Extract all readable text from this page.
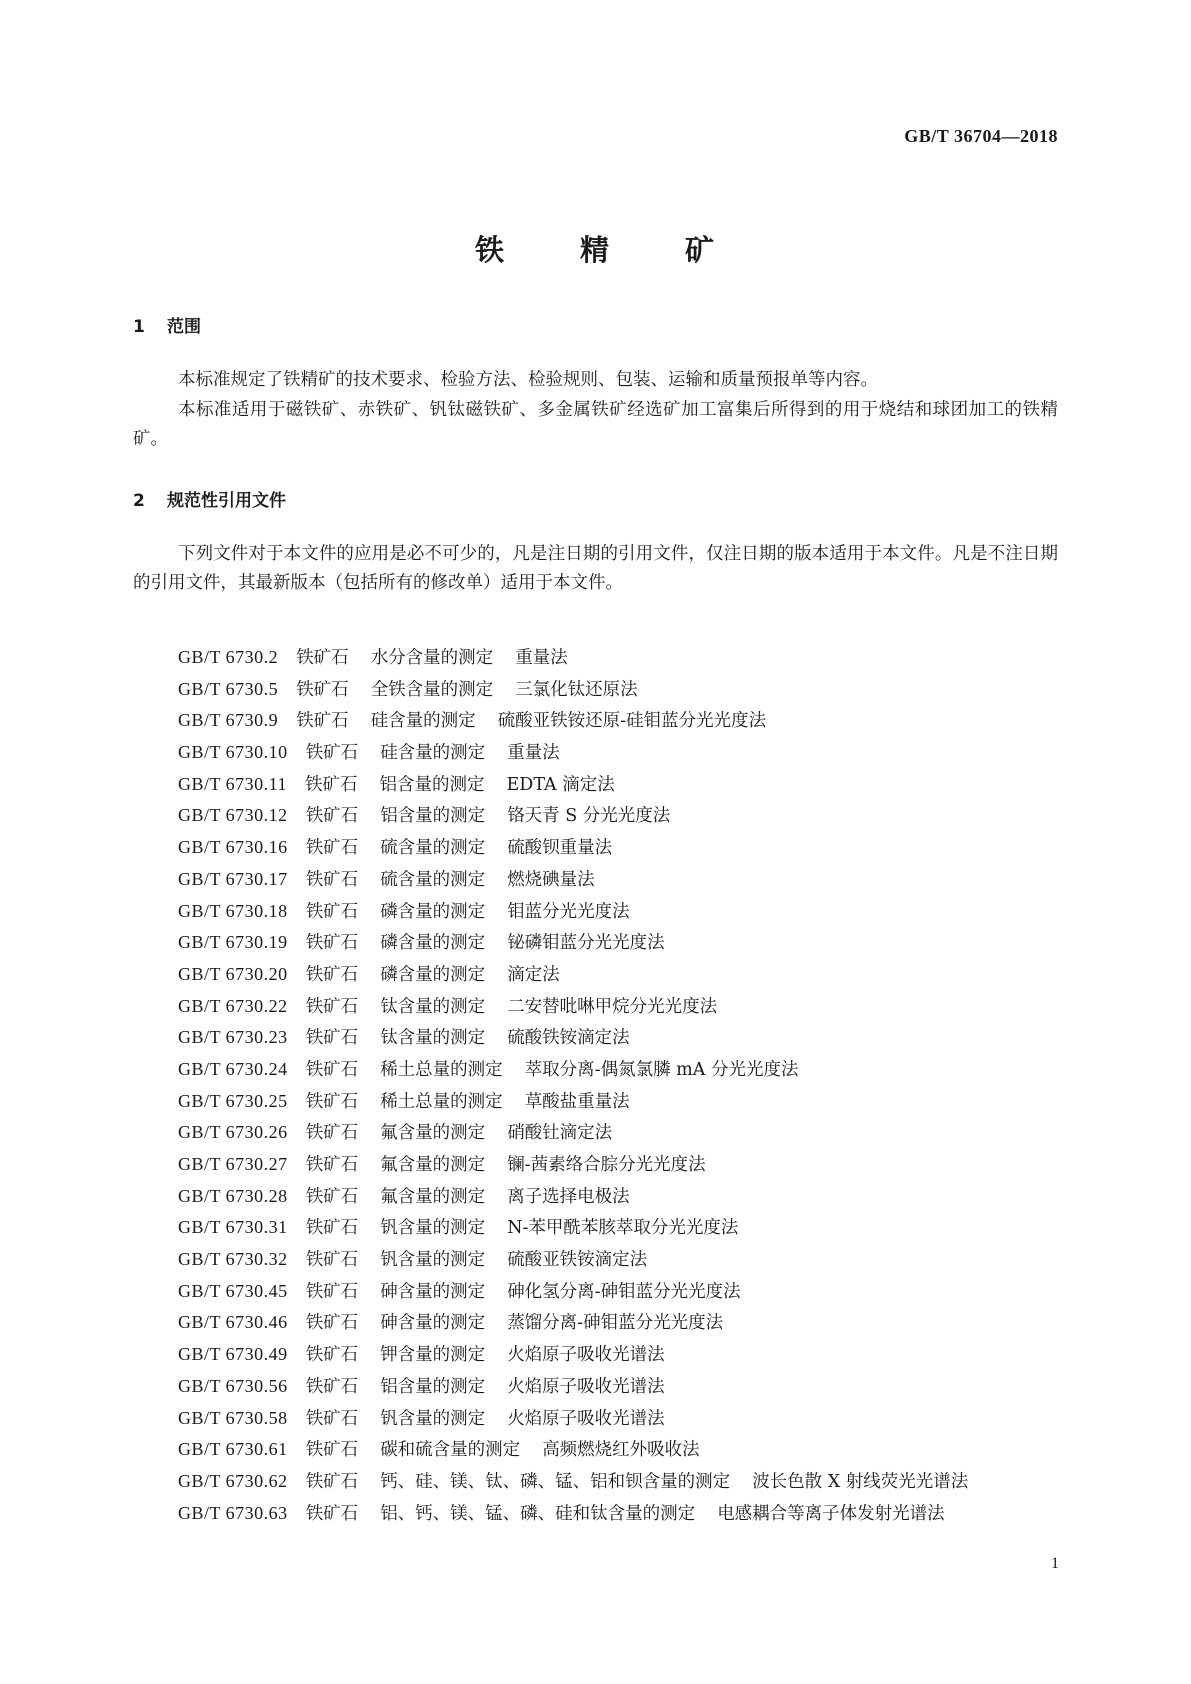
GB/T 36704—2018
铁	精	矿
1 范围
本标准规定了铁精矿的技术要求、检验方法、检验规则、包装、运输和质量预报单等内容。
本标准适用于磁铁矿、赤铁矿、钒钛磁铁矿、多金属铁矿经选矿加工富集后所得到的用于烧结和球团加工的铁精矿。
2 规范性引用文件
下列文件对于本文件的应用是必不可少的，凡是注日期的引用文件，仅注日期的版本适用于本文件。凡是不注日期的引用文件，其最新版本（包括所有的修改单）适用于本文件。
GB/T 6730.2 铁矿石 水分含量的测定 重量法
GB/T 6730.5 铁矿石 全铁含量的测定 三氯化钛还原法
GB/T 6730.9 铁矿石 硅含量的测定 硫酸亚铁铵还原-硅钼蓝分光光度法
GB/T 6730.10 铁矿石 硅含量的测定 重量法
GB/T 6730.11 铁矿石 铝含量的测定 EDTA 滴定法
GB/T 6730.12 铁矿石 铝含量的测定 铬天青 S 分光光度法
GB/T 6730.16 铁矿石 硫含量的测定 硫酸钡重量法
GB/T 6730.17 铁矿石 硫含量的测定 燃烧碘量法
GB/T 6730.18 铁矿石 磷含量的测定 钼蓝分光光度法
GB/T 6730.19 铁矿石 磷含量的测定 铋磷钼蓝分光光度法
GB/T 6730.20 铁矿石 磷含量的测定 滴定法
GB/T 6730.22 铁矿石 钛含量的测定 二安替吡啉甲烷分光光度法
GB/T 6730.23 铁矿石 钛含量的测定 硫酸铁铵滴定法
GB/T 6730.24 铁矿石 稀土总量的测定 萃取分离-偶氮氯膦 mA 分光光度法
GB/T 6730.25 铁矿石 稀土总量的测定 草酸盐重量法
GB/T 6730.26 铁矿石 氟含量的测定 硝酸钍滴定法
GB/T 6730.27 铁矿石 氟含量的测定 镧-茜素络合腙分光光度法
GB/T 6730.28 铁矿石 氟含量的测定 离子选择电极法
GB/T 6730.31 铁矿石 钒含量的测定 N-苯甲酰苯胲萃取分光光度法
GB/T 6730.32 铁矿石 钒含量的测定 硫酸亚铁铵滴定法
GB/T 6730.45 铁矿石 砷含量的测定 砷化氢分离-砷钼蓝分光光度法
GB/T 6730.46 铁矿石 砷含量的测定 蒸馏分离-砷钼蓝分光光度法
GB/T 6730.49 铁矿石 钾含量的测定 火焰原子吸收光谱法
GB/T 6730.56 铁矿石 铝含量的测定 火焰原子吸收光谱法
GB/T 6730.58 铁矿石 钒含量的测定 火焰原子吸收光谱法
GB/T 6730.61 铁矿石 碳和硫含量的测定 高频燃烧红外吸收法
GB/T 6730.62 铁矿石 钙、硅、镁、钛、磷、锰、铝和钡含量的测定 波长色散 X 射线荧光光谱法
GB/T 6730.63 铁矿石 铝、钙、镁、锰、磷、硅和钛含量的测定 电感耦合等离子体发射光谱法
1
